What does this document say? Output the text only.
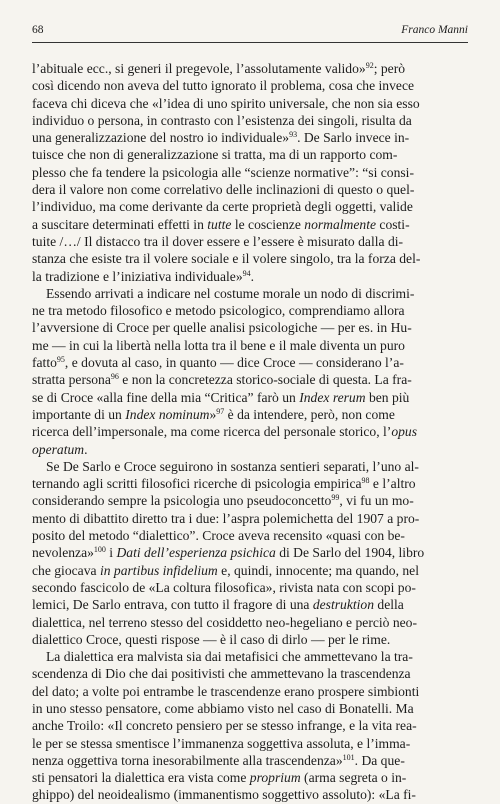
68	Franco Manni
l’abituale ecc., si generi il pregevole, l’assolutamente valido»$^{92}$; però
così dicendo non aveva del tutto ignorato il problema, cosa che invece
faceva chi diceva che «l’idea di uno spirito universale, che non sia esso
individuo o persona, in contrasto con l’esistenza dei singoli, risulta da
una generalizzazione del nostro io individuale»$^{93}$. De Sarlo invece in-
tuisce che non di generalizzazione si tratta, ma di un rapporto com-
plesso che fa tendere la psicologia alle “scienze normative”: “si consi-
dera il valore non come correlativo delle inclinazioni di questo o quel-
l’individuo, ma come derivante da certe proprietà degli oggetti, valide
a suscitare determinati effetti in tutte le coscienze normalmente costi-
tuite /…/ Il distacco tra il dover essere e l’essere è misurato dalla di-
stanza che esiste tra il volere sociale e il volere singolo, tra la forza del-
la tradizione e l’iniziativa individuale»$^{94}$.
Essendo arrivati a indicare nel costume morale un nodo di discrimi-
ne tra metodo filosofico e metodo psicologico, comprendiamo allora
l’avversione di Croce per quelle analisi psicologiche — per es. in Hu-
me — in cui la libertà nella lotta tra il bene e il male diventa un puro
fatto$^{95}$, e dovuta al caso, in quanto — dice Croce — considerano l’a-
stratta persona$^{96}$ e non la concretezza storico-sociale di questa. La fra-
se di Croce «alla fine della mia “Critica” farò un Index rerum ben più
importante di un Index nominum»$^{97}$ è da intendere, però, non come
ricerca dell’impersonale, ma come ricerca del personale storico, l’opus
operatum.
Se De Sarlo e Croce seguirono in sostanza sentieri separati, l’uno al-
ternando agli scritti filosofici ricerche di psicologia empirica$^{98}$ e l’altro
considerando sempre la psicologia uno pseudoconcetto$^{99}$, vi fu un mo-
mento di dibattito diretto tra i due: l’aspra polemichetta del 1907 a pro-
posito del metodo “dialettico”. Croce aveva recensito «quasi con be-
nevolenza»$^{100}$ i Dati dell’esperienza psichica di De Sarlo del 1904, libro
che giocava in partibus infidelium e, quindi, innocente; ma quando, nel
secondo fascicolo de «La coltura filosofica», rivista nata con scopi po-
lemici, De Sarlo entrava, con tutto il fragore di una destruktion della
dialettica, nel terreno stesso del cosiddetto neo-hegeliano e perciò neo-
dialettico Croce, questi rispose — è il caso di dirlo — per le rime.
La dialettica era malvista sia dai metafisici che ammettevano la tra-
scendenza di Dio che dai positivisti che ammettevano la trascendenza
del dato; a volte poi entrambe le trascendenze erano prospere simbionti
in uno stesso pensatore, come abbiamo visto nel caso di Bonatelli. Ma
anche Troilo: «Il concreto pensiero per se stesso infrange, e la vita rea-
le per se stessa smentisce l’immanenza soggettiva assoluta, e l’imma-
nenza oggettiva torna inesorabilmente alla trascendenza»$^{101}$. Da que-
sti pensatori la dialettica era vista come proprium (arma segreta o in-
ghippo) del neoidealismo (immanentismo soggettivo assoluto): «La fi-
